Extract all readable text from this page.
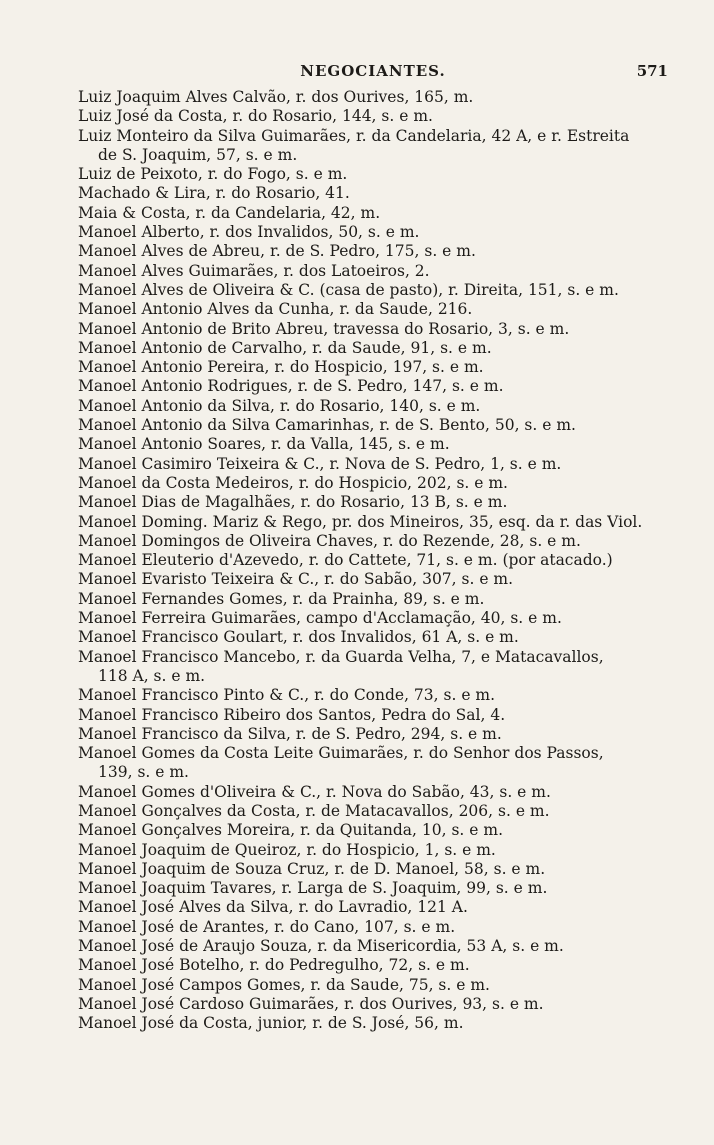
NEGOCIANTES.	571
Luiz Joaquim Alves Calvão, r. dos Ourives, 165, m.
Luiz José da Costa, r. do Rosario, 144, s. e m.
Luiz Monteiro da Silva Guimarães, r. da Candelaria, 42 A, e r. Estreita
de S. Joaquim, 57, s. e m.
Luiz de Peixoto, r. do Fogo, s. e m.
Machado & Lira, r. do Rosario, 41.
Maia & Costa, r. da Candelaria, 42, m.
Manoel Alberto, r. dos Invalidos, 50, s. e m.
Manoel Alves de Abreu, r. de S. Pedro, 175, s. e m.
Manoel Alves Guimarães, r. dos Latoeiros, 2.
Manoel Alves de Oliveira & C. (casa de pasto), r. Direita, 151, s. e m.
Manoel Antonio Alves da Cunha, r. da Saude, 216.
Manoel Antonio de Brito Abreu, travessa do Rosario, 3, s. e m.
Manoel Antonio de Carvalho, r. da Saude, 91, s. e m.
Manoel Antonio Pereira, r. do Hospicio, 197, s. e m.
Manoel Antonio Rodrigues, r. de S. Pedro, 147, s. e m.
Manoel Antonio da Silva, r. do Rosario, 140, s. e m.
Manoel Antonio da Silva Camarinhas, r. de S. Bento, 50, s. e m.
Manoel Antonio Soares, r. da Valla, 145, s. e m.
Manoel Casimiro Teixeira & C., r. Nova de S. Pedro, 1, s. e m.
Manoel da Costa Medeiros, r. do Hospicio, 202, s. e m.
Manoel Dias de Magalhães, r. do Rosario, 13 B, s. e m.
Manoel Doming. Mariz & Rego, pr. dos Mineiros, 35, esq. da r. das Viol.
Manoel Domingos de Oliveira Chaves, r. do Rezende, 28, s. e m.
Manoel Eleuterio d'Azevedo, r. do Cattete, 71, s. e m. (por atacado.)
Manoel Evaristo Teixeira & C., r. do Sabão, 307, s. e m.
Manoel Fernandes Gomes, r. da Prainha, 89, s. e m.
Manoel Ferreira Guimarães, campo d'Acclamação, 40, s. e m.
Manoel Francisco Goulart, r. dos Invalidos, 61 A, s. e m.
Manoel Francisco Mancebo, r. da Guarda Velha, 7, e Matacavallos,
118 A, s. e m.
Manoel Francisco Pinto & C., r. do Conde, 73, s. e m.
Manoel Francisco Ribeiro dos Santos, Pedra do Sal, 4.
Manoel Francisco da Silva, r. de S. Pedro, 294, s. e m.
Manoel Gomes da Costa Leite Guimarães, r. do Senhor dos Passos,
139, s. e m.
Manoel Gomes d'Oliveira & C., r. Nova do Sabão, 43, s. e m.
Manoel Gonçalves da Costa, r. de Matacavallos, 206, s. e m.
Manoel Gonçalves Moreira, r. da Quitanda, 10, s. e m.
Manoel Joaquim de Queiroz, r. do Hospicio, 1, s. e m.
Manoel Joaquim de Souza Cruz, r. de D. Manoel, 58, s. e m.
Manoel Joaquim Tavares, r. Larga de S. Joaquim, 99, s. e m.
Manoel José Alves da Silva, r. do Lavradio, 121 A.
Manoel José de Arantes, r. do Cano, 107, s. e m.
Manoel José de Araujo Souza, r. da Misericordia, 53 A, s. e m.
Manoel José Botelho, r. do Pedregulho, 72, s. e m.
Manoel José Campos Gomes, r. da Saude, 75, s. e m.
Manoel José Cardoso Guimarães, r. dos Ourives, 93, s. e m.
Manoel José da Costa, junior, r. de S. José, 56, m.
